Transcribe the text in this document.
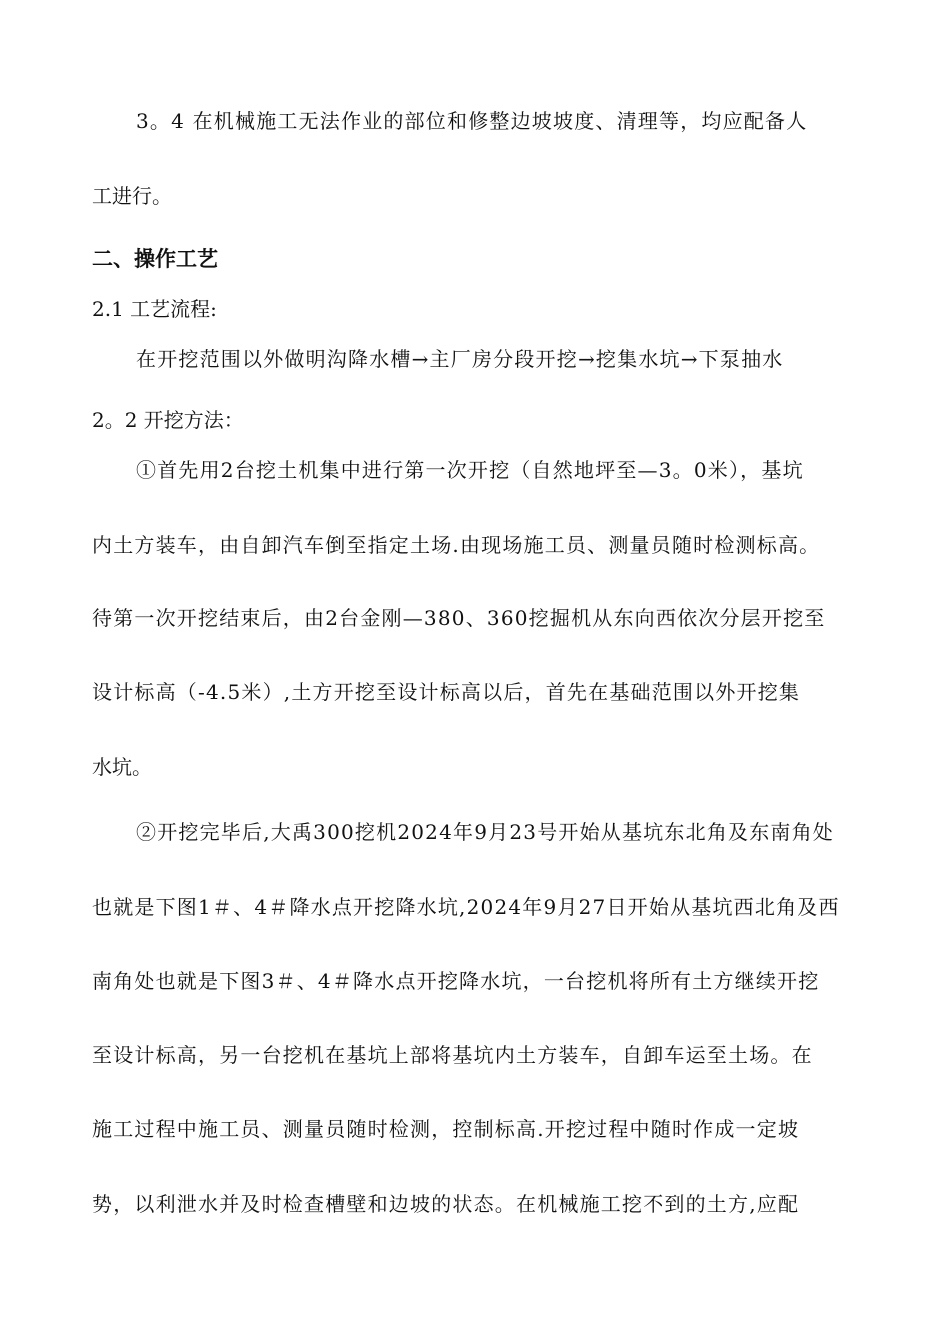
3。4 在机械施工无法作业的部位和修整边坡坡度、清理等，均应配备人
工进行。
二、操作工艺
2.1 工艺流程:
在开挖范围以外做明沟降水槽→主厂房分段开挖→挖集水坑→下泵抽水
2。2 开挖方法：
①首先用2台挖土机集中进行第一次开挖（自然地坪至—3。0米），基坑
内土方装车，由自卸汽车倒至指定土场.由现场施工员、测量员随时检测标高。
待第一次开挖结束后，由2台金刚—380、360挖掘机从东向西依次分层开挖至
设计标高（-4.5米）,土方开挖至设计标高以后，首先在基础范围以外开挖集
水坑。
②开挖完毕后,大禹300挖机2024年9月23号开始从基坑东北角及东南角处
也就是下图1＃、4＃降水点开挖降水坑,2024年9月27日开始从基坑西北角及西
南角处也就是下图3＃、4＃降水点开挖降水坑，一台挖机将所有土方继续开挖
至设计标高，另一台挖机在基坑上部将基坑内土方装车，自卸车运至土场。在
施工过程中施工员、测量员随时检测，控制标高.开挖过程中随时作成一定坡
势，以利泄水并及时检查槽壁和边坡的状态。在机械施工挖不到的土方,应配
